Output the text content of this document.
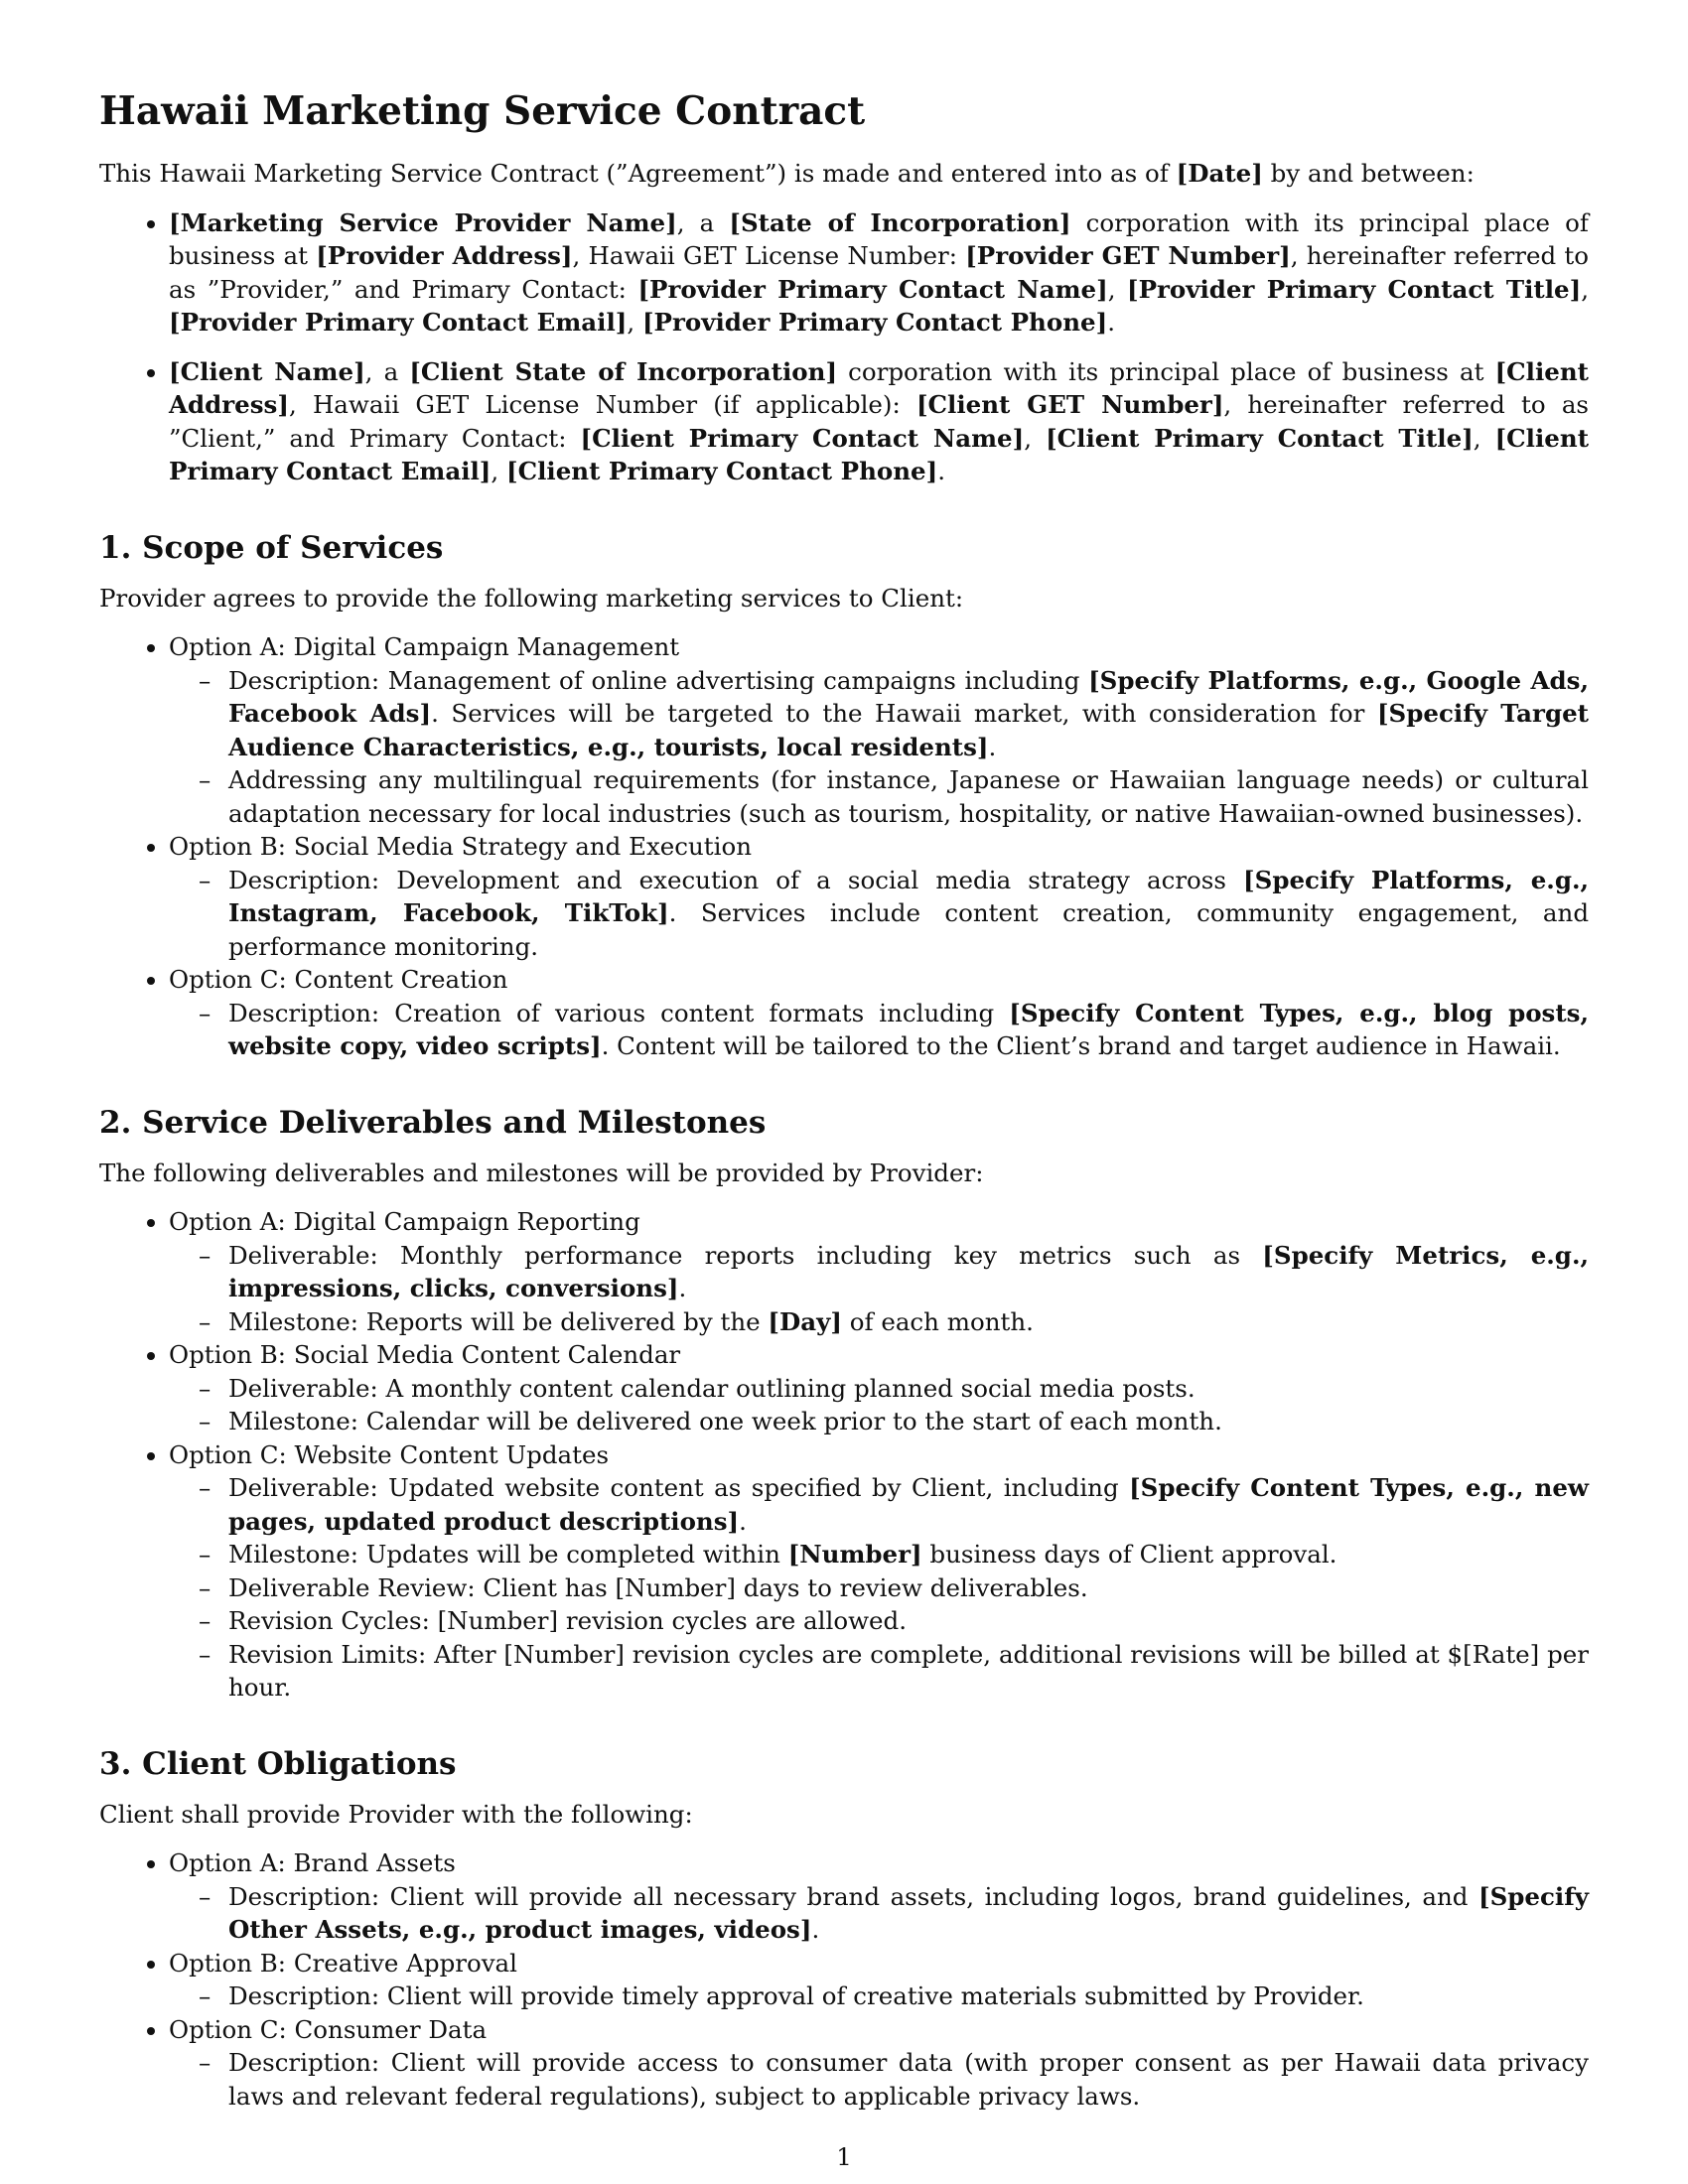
Hawaii Marketing Service Contract

This Hawaii Marketing Service Contract (”Agreement”) is made and entered into as of [Date] by and between:

• [Marketing Service Provider Name], a [State of Incorporation] corporation with its principal place of business at [Provider Address], Hawaii GET License Number: [Provider GET Number], hereinafter referred to as ”Provider,” and Primary Contact: [Provider Primary Contact Name], [Provider Primary Contact Title], [Provider Primary Contact Email], [Provider Primary Contact Phone].
• [Client Name], a [Client State of Incorporation] corporation with its principal place of business at [Client Address], Hawaii GET License Number (if applicable): [Client GET Number], hereinafter referred to as ”Client,” and Primary Contact: [Client Primary Contact Name], [Client Primary Contact Title], [Client Primary Contact Email], [Client Primary Contact Phone].
1. Scope of Services

Provider agrees to provide the following marketing services to Client:

• Option A: Digital Campaign Management
– Description: Management of online advertising campaigns including [Specify Platforms, e.g., Google Ads, Facebook Ads]. Services will be targeted to the Hawaii market, with consideration for [Specify Target Audience Characteristics, e.g., tourists, local residents].
– Addressing any multilingual requirements (for instance, Japanese or Hawaiian language needs) or cultural adaptation necessary for local industries (such as tourism, hospitality, or native Hawaiian-owned businesses).
• Option B: Social Media Strategy and Execution
– Description: Development and execution of a social media strategy across [Specify Platforms, e.g., Instagram, Facebook, TikTok]. Services include content creation, community engagement, and performance monitoring.
• Option C: Content Creation
– Description: Creation of various content formats including [Specify Content Types, e.g., blog posts, website copy, video scripts]. Content will be tailored to the Client’s brand and target audience in Hawaii.
2. Service Deliverables and Milestones

The following deliverables and milestones will be provided by Provider:

• Option A: Digital Campaign Reporting
– Deliverable: Monthly performance reports including key metrics such as [Specify Metrics, e.g., impressions, clicks, conversions].
– Milestone: Reports will be delivered by the [Day] of each month.
• Option B: Social Media Content Calendar
– Deliverable: A monthly content calendar outlining planned social media posts.
– Milestone: Calendar will be delivered one week prior to the start of each month.
• Option C: Website Content Updates
– Deliverable: Updated website content as specified by Client, including [Specify Content Types, e.g., new pages, updated product descriptions].
– Milestone: Updates will be completed within [Number] business days of Client approval.
– Deliverable Review: Client has [Number] days to review deliverables.
– Revision Cycles: [Number] revision cycles are allowed.
– Revision Limits: After [Number] revision cycles are complete, additional revisions will be billed at $[Rate] per hour.
3. Client Obligations

Client shall provide Provider with the following:

• Option A: Brand Assets
– Description: Client will provide all necessary brand assets, including logos, brand guidelines, and [Specify Other Assets, e.g., product images, videos].
• Option B: Creative Approval
– Description: Client will provide timely approval of creative materials submitted by Provider.
• Option C: Consumer Data
– Description: Client will provide access to consumer data (with proper consent as per Hawaii data privacy laws and relevant federal regulations), subject to applicable privacy laws.
1
